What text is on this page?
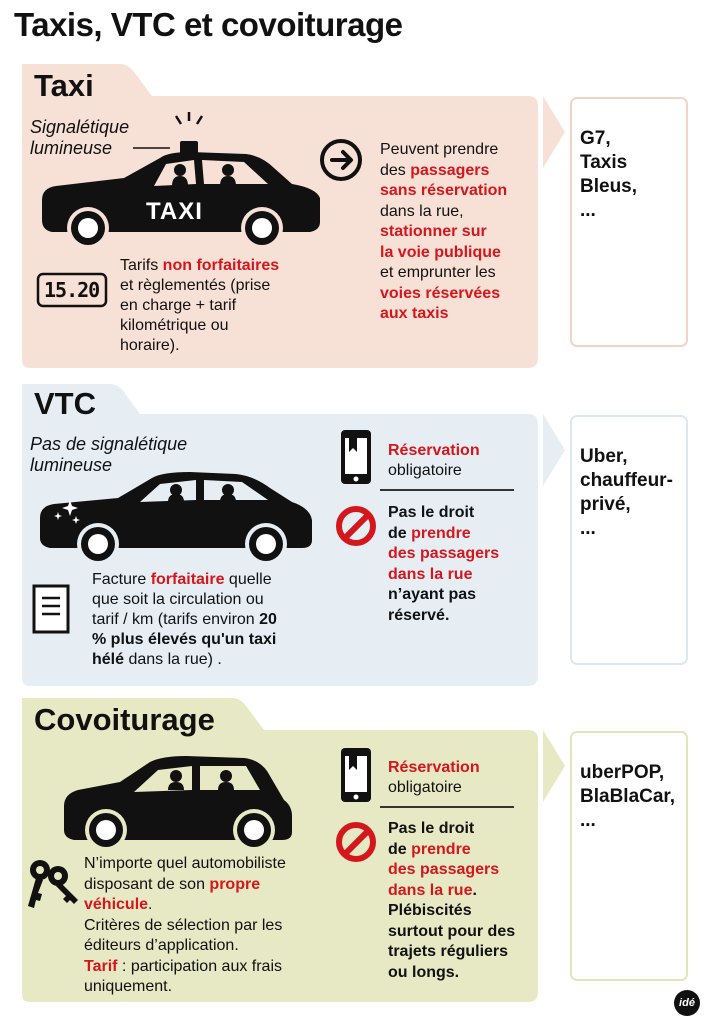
Taxis, VTC et covoiturage
Taxi
Signalétique
lumineuse
TAXI
15.20
Tarifs non forfaitaires
et règlementés (prise
en charge + tarif
kilométrique ou
horaire).
Peuvent prendre
des passagers
sans réservation
dans la rue,
stationner sur
la voie publique
et emprunter les
voies réservées
aux taxis
G7,
Taxis
Bleus,
...
VTC
Pas de signalétique
lumineuse
Réservation
obligatoire
Pas le droit
de prendre
des passagers
dans la rue
n’ayant pas
réservé.
Facture forfaitaire quelle
que soit la circulation ou
tarif / km (tarifs environ 20
% plus élevés qu'un taxi
hélé dans la rue) .
Uber,
chauffeur-
privé,
...
Covoiturage
Réservation
obligatoire
Pas le droit
de prendre
des passagers
dans la rue.
Plébiscités
surtout pour des
trajets réguliers
ou longs.
N’importe quel automobiliste
disposant de son propre
véhicule.
Critères de sélection par les
éditeurs d’application.
Tarif : participation aux frais
uniquement.
uberPOP,
BlaBlaCar,
...
idé
